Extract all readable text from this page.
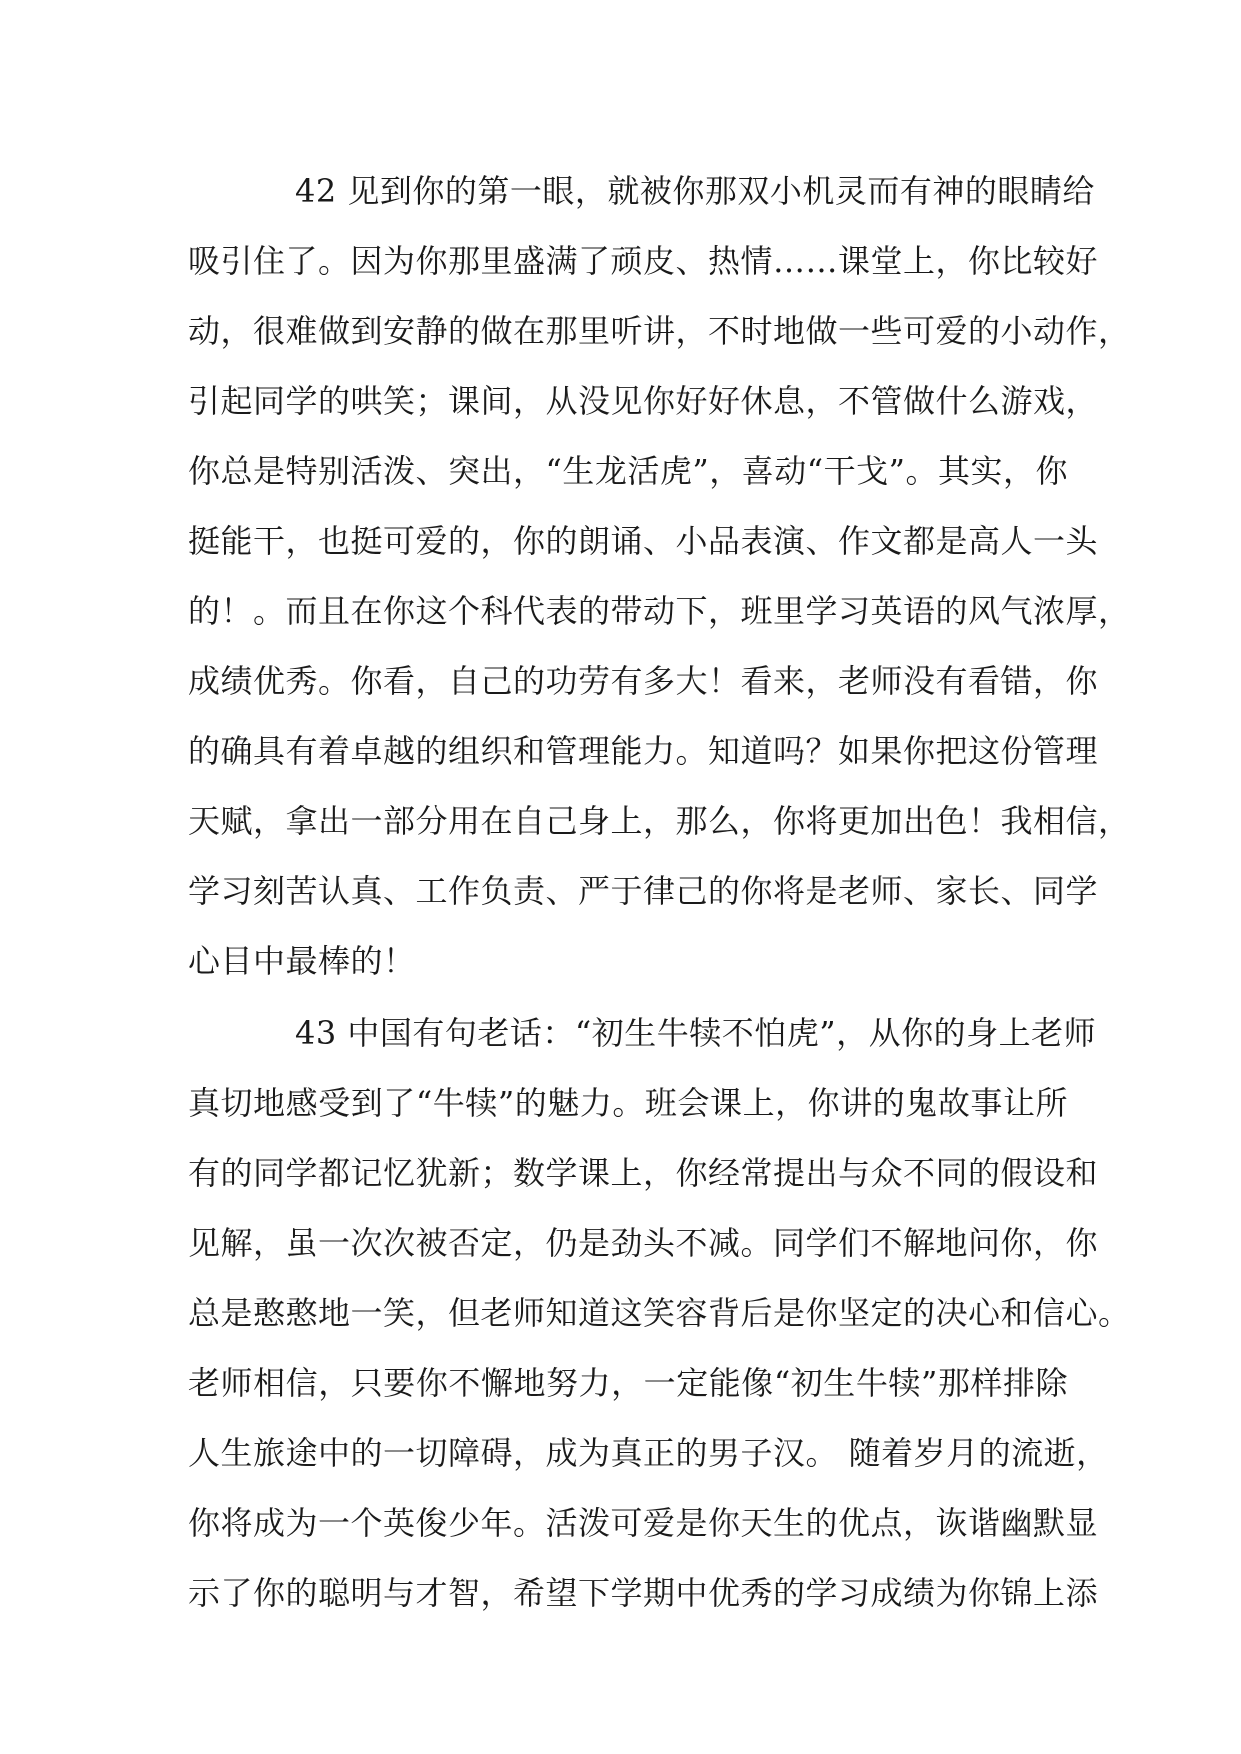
42 见到你的第一眼，就被你那双小机灵而有神的眼睛给
吸引住了。因为你那里盛满了顽皮、热情……课堂上，你比较好
动，很难做到安静的做在那里听讲，不时地做一些可爱的小动作，
引起同学的哄笑；课间，从没见你好好休息，不管做什么游戏，
你总是特别活泼、突出，“生龙活虎”，喜动“干戈”。其实，你
挺能干，也挺可爱的，你的朗诵、小品表演、作文都是高人一头
的！。而且在你这个科代表的带动下，班里学习英语的风气浓厚，
成绩优秀。你看，自己的功劳有多大！看来，老师没有看错，你
的确具有着卓越的组织和管理能力。知道吗？如果你把这份管理
天赋，拿出一部分用在自己身上，那么，你将更加出色！我相信，
学习刻苦认真、工作负责、严于律己的你将是老师、家长、同学
心目中最棒的！
43 中国有句老话：“初生牛犊不怕虎”，从你的身上老师
真切地感受到了“牛犊”的魅力。班会课上，你讲的鬼故事让所
有的同学都记忆犹新；数学课上，你经常提出与众不同的假设和
见解，虽一次次被否定，仍是劲头不减。同学们不解地问你，你
总是憨憨地一笑，但老师知道这笑容背后是你坚定的决心和信心。
老师相信，只要你不懈地努力，一定能像“初生牛犊”那样排除
人生旅途中的一切障碍，成为真正的男子汉。 随着岁月的流逝，
你将成为一个英俊少年。活泼可爱是你天生的优点，诙谐幽默显
示了你的聪明与才智，希望下学期中优秀的学习成绩为你锦上添
